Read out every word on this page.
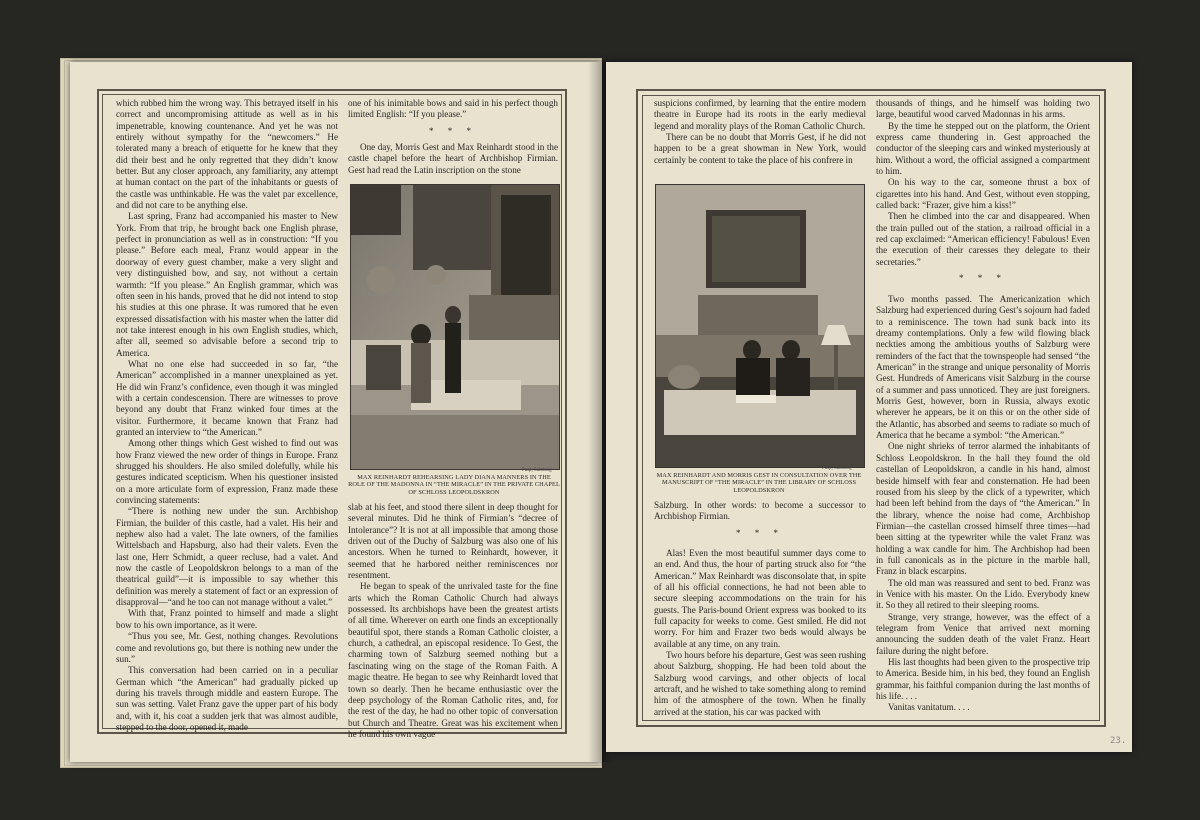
which rubbed him the wrong way. This betrayed itself in his correct and uncompromising attitude as well as in his impenetrable, knowing countenance. And yet he was not entirely without sympathy for the “newcomers.” He tolerated many a breach of etiquette for he knew that they did their best and he only regretted that they didn’t know better. But any closer approach, any familiarity, any attempt at human contact on the part of the inhabitants or guests of the castle was unthinkable. He was the valet par excellence, and did not care to be anything else.

Last spring, Franz had accompanied his master to New York. From that trip, he brought back one English phrase, perfect in pronunciation as well as in construction: “If you please.” Before each meal, Franz would appear in the doorway of every guest chamber, make a very slight and very distinguished bow, and say, not without a certain warmth: “If you please.” An English grammar, which was often seen in his hands, proved that he did not intend to stop his studies at this one phrase. It was rumored that he even expressed dissatisfaction with his master when the latter did not take interest enough in his own English studies, which, after all, seemed so advisable before a second trip to America.

What no one else had succeeded in so far, “the American” accomplished in a manner unexplained as yet. He did win Franz’s confidence, even though it was mingled with a certain condescension. There are witnesses to prove beyond any doubt that Franz winked four times at the visitor. Furthermore, it became known that Franz had granted an interview to “the American.”

Among other things which Gest wished to find out was how Franz viewed the new order of things in Europe. Franz shrugged his shoulders. He also smiled dolefully, while his gestures indicated scepticism. When his questioner insisted on a more articulate form of expression, Franz made these convincing statements:

“There is nothing new under the sun. Archbishop Firmian, the builder of this castle, had a valet. His heir and nephew also had a valet. The late owners, of the families Wittelsbach and Hapsburg, also had their valets. Even the last one, Herr Schmidt, a queer recluse, had a valet. And now the castle of Leopoldskron belongs to a man of the theatrical guild”—it is impossible to say whether this definition was merely a statement of fact or an expression of disapproval—“and he too can not manage without a valet.”

With that, Franz pointed to himself and made a slight bow to his own importance, as it were.

“Thus you see, Mr. Gest, nothing changes. Revolutions come and revolutions go, but there is nothing new under the sun.”

This conversation had been carried on in a peculiar German which “the American” had gradually picked up during his travels through middle and eastern Europe. The sun was setting. Valet Franz gave the upper part of his body and, with it, his coat a sudden jerk that was almost audible, stepped to the door, opened it, made

one of his inimitable bows and said in his perfect though limited English: “If you please.”

* * *

One day, Morris Gest and Max Reinhardt stood in the castle chapel before the heart of Archbishop Firmian. Gest had read the Latin inscription on the stone

Pasp, Salzburg
MAX REINHARDT REHEARSING LADY DIANA MANNERS IN THE ROLE OF THE MADONNA IN “THE MIRACLE” IN THE PRIVATE CHAPEL OF SCHLOSS LEOPOLDSKRON

slab at his feet, and stood there silent in deep thought for several minutes. Did he think of Firmian’s “decree of Intolerance”? It is not at all impossible that among those driven out of the Duchy of Salzburg was also one of his ancestors. When he turned to Reinhardt, however, it seemed that he harbored neither reminiscences nor resentment.

He began to speak of the unrivaled taste for the fine arts which the Roman Catholic Church had always possessed. Its archbishops have been the greatest artists of all time. Wherever on earth one finds an exceptionally beautiful spot, there stands a Roman Catholic cloister, a church, a cathedral, an episcopal residence. To Gest, the charming town of Salzburg seemed nothing but a fascinating wing on the stage of the Roman Faith. A magic theatre. He began to see why Reinhardt loved that town so dearly. Then he became enthusiastic over the deep psychology of the Roman Catholic rites, and, for the rest of the day, he had no other topic of conversation but Church and Theatre. Great was his excitement when he found his own vague

suspicions confirmed, by learning that the entire modern theatre in Europe had its roots in the early medieval legend and morality plays of the Roman Catholic Church.

There can be no doubt that Morris Gest, if he did not happen to be a great showman in New York, would certainly be content to take the place of his confrere in

Pasp, Salzburg
MAX REINHARDT AND MORRIS GEST IN CONSULTATION OVER THE MANUSCRIPT OF “THE MIRACLE” IN THE LIBRARY OF SCHLOSS LEOPOLDSKRON

Salzburg. In other words: to become a successor to Archbishop Firmian.

* * *

Alas! Even the most beautiful summer days come to an end. And thus, the hour of parting struck also for “the American.” Max Reinhardt was disconsolate that, in spite of all his official connections, he had not been able to secure sleeping accommodations on the train for his guests. The Paris-bound Orient express was booked to its full capacity for weeks to come. Gest smiled. He did not worry. For him and Frazer two beds would always be available at any time, on any train.

Two hours before his departure, Gest was seen rushing about Salzburg, shopping. He had been told about the Salzburg wood carvings, and other objects of local artcraft, and he wished to take something along to remind him of the atmosphere of the town. When he finally arrived at the station, his car was packed with

thousands of things, and he himself was holding two large, beautiful wood carved Madonnas in his arms.

By the time he stepped out on the platform, the Orient express came thundering in. Gest approached the conductor of the sleeping cars and winked mysteriously at him. Without a word, the official assigned a compartment to him.

On his way to the car, someone thrust a box of cigarettes into his hand. And Gest, without even stopping, called back: “Frazer, give him a kiss!”

Then he climbed into the car and disappeared. When the train pulled out of the station, a railroad official in a red cap exclaimed: “American efficiency! Fabulous! Even the execution of their caresses they delegate to their secretaries.”

* * *

Two months passed. The Americanization which Salzburg had experienced during Gest’s sojourn had faded to a reminiscence. The town had sunk back into its dreamy contemplations. Only a few wild flowing black neckties among the ambitious youths of Salzburg were reminders of the fact that the townspeople had sensed “the American” in the strange and unique personality of Morris Gest. Hundreds of Americans visit Salzburg in the course of a summer and pass unnoticed. They are just foreigners. Morris Gest, however, born in Russia, always exotic wherever he appears, be it on this or on the other side of the Atlantic, has absorbed and seems to radiate so much of America that he became a symbol: “the American.”

One night shrieks of terror alarmed the inhabitants of Schloss Leopoldskron. In the hall they found the old castellan of Leopoldskron, a candle in his hand, almost beside himself with fear and consternation. He had been roused from his sleep by the click of a typewriter, which had been left behind from the days of “the American.” In the library, whence the noise had come, Archbishop Firmian—the castellan crossed himself three times—had been sitting at the typewriter while the valet Franz was holding a wax candle for him. The Archbishop had been in full canonicals as in the picture in the marble hall, Franz in black escarpins.

The old man was reassured and sent to bed. Franz was in Venice with his master. On the Lido. Everybody knew it. So they all retired to their sleeping rooms.

Strange, very strange, however, was the effect of a telegram from Venice that arrived next morning announcing the sudden death of the valet Franz. Heart failure during the night before.

His last thoughts had been given to the prospective trip to America. Beside him, in his bed, they found an English grammar, his faithful companion during the last months of his life. . . .

Vanitas vanitatum. . . .

23.
